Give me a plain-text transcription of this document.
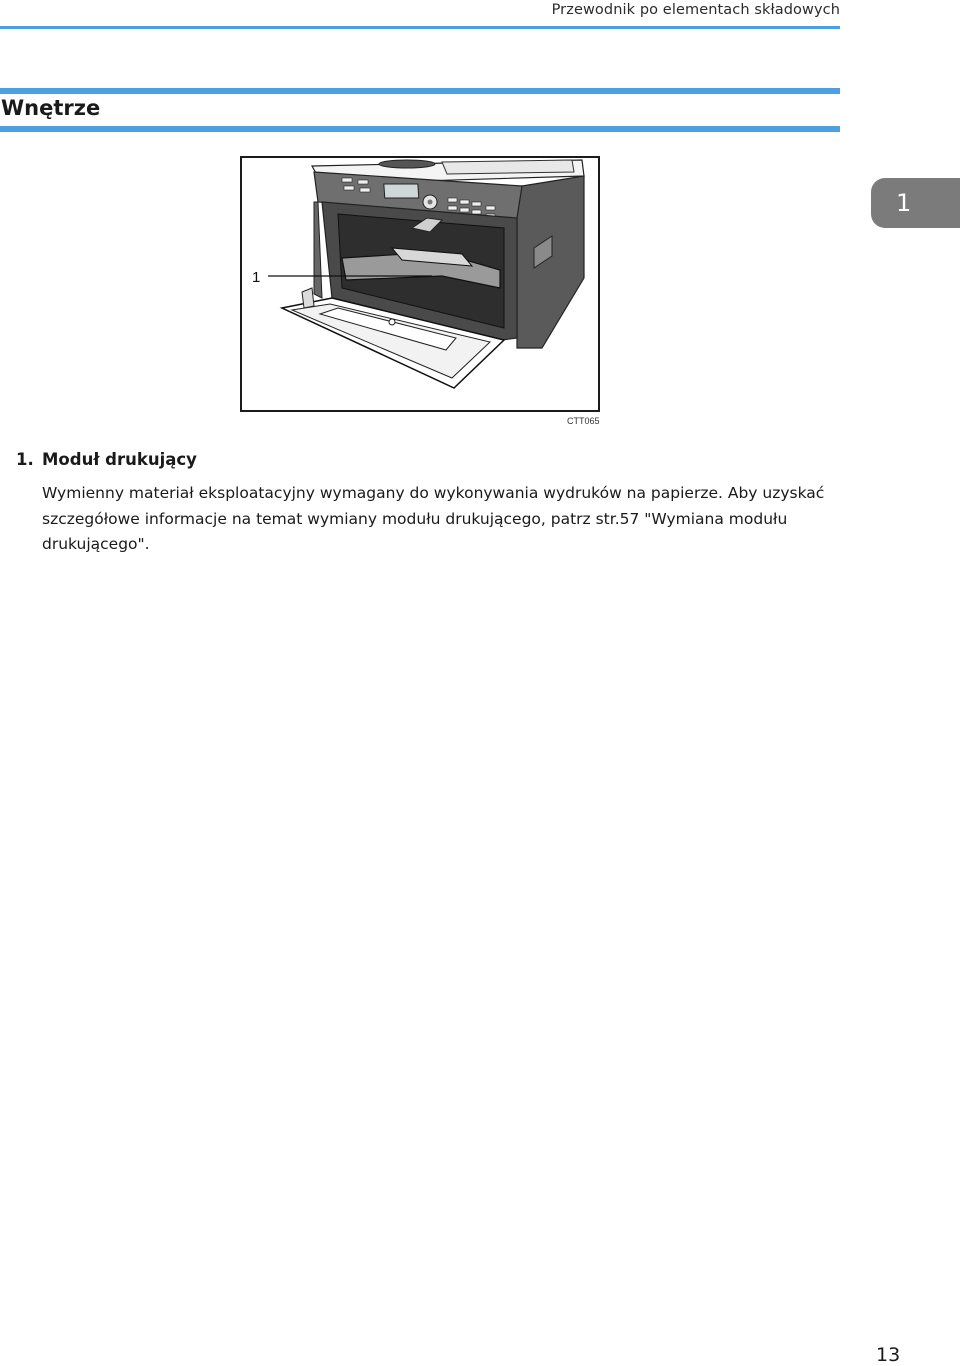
Przewodnik po elementach składowych
Wnętrze
1
1
CTT065
1. Moduł drukujący
Wymienny materiał eksploatacyjny wymagany do wykonywania wydruków na papierze. Aby uzyskać szczegółowe informacje na temat wymiany modułu drukującego, patrz str.57 "Wymiana modułu drukującego".
13
